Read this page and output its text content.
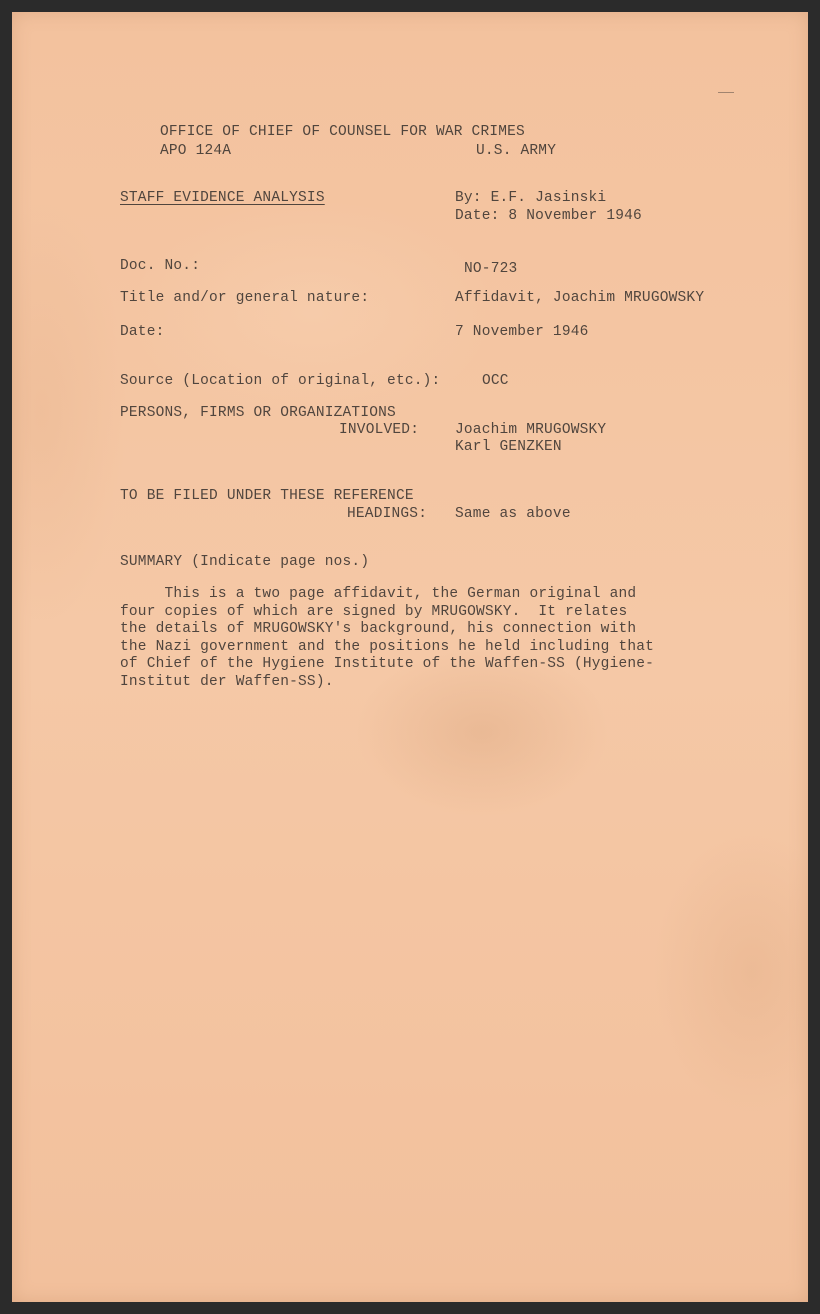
OFFICE OF CHIEF OF COUNSEL FOR WAR CRIMES
APO 124A	U.S. ARMY
STAFF EVIDENCE ANALYSIS	By: E.F. Jasinski
Date: 8 November 1946
Doc. No.:	NO-723
Title and/or general nature:	Affidavit, Joachim MRUGOWSKY
Date:	7 November 1946
Source (Location of original, etc.):	OCC
PERSONS, FIRMS OR ORGANIZATIONS
INVOLVED: Joachim MRUGOWSKY
Karl GENZKEN
TO BE FILED UNDER THESE REFERENCE
HEADINGS: Same as above
SUMMARY (Indicate page nos.)
This is a two page affidavit, the German original and
four copies of which are signed by MRUGOWSKY.  It relates
the details of MRUGOWSKY's background, his connection with
the Nazi government and the positions he held including that
of Chief of the Hygiene Institute of the Waffen-SS (Hygiene-
Institut der Waffen-SS).
